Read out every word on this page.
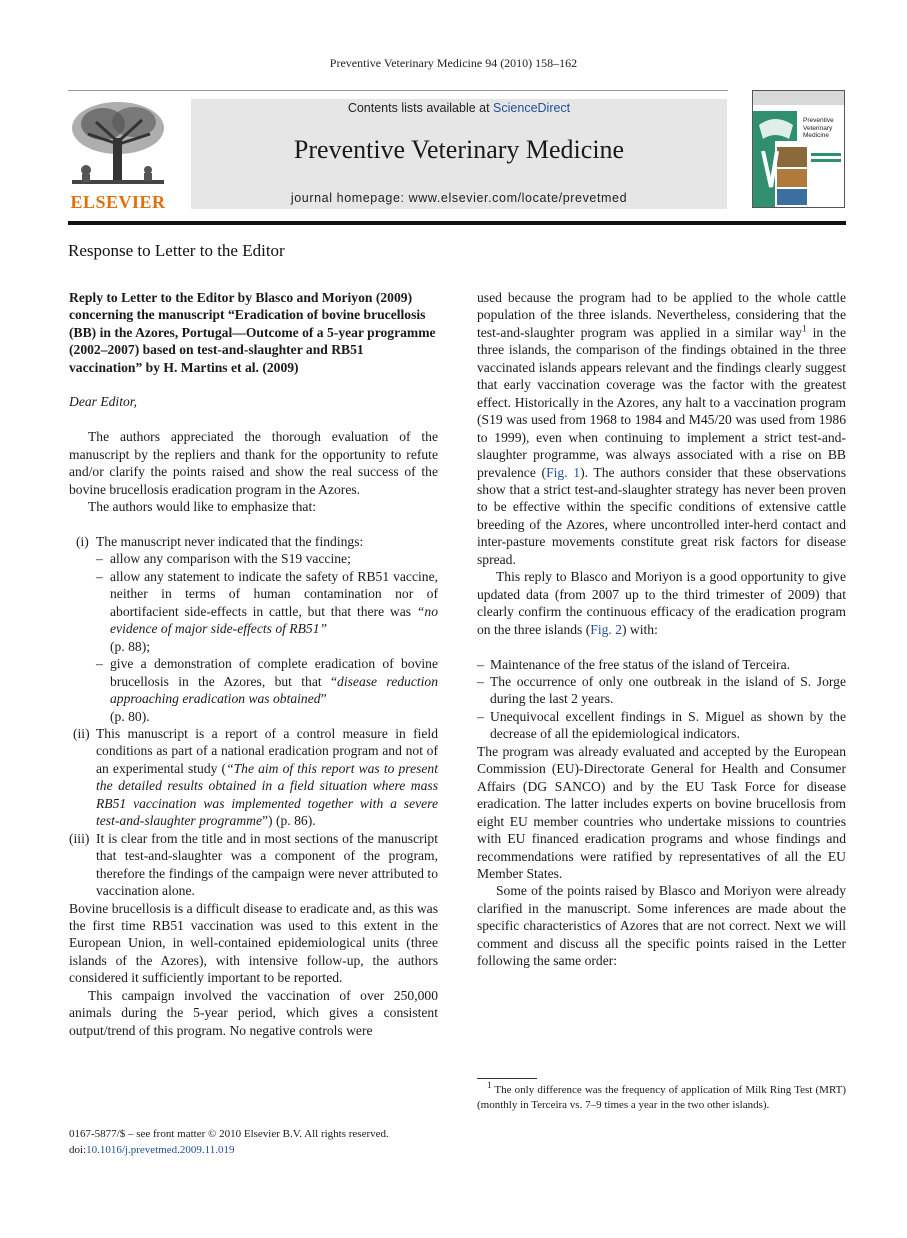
Preventive Veterinary Medicine 94 (2010) 158–162
ELSEVIER
Contents lists available at ScienceDirect
Preventive Veterinary Medicine
journal homepage: www.elsevier.com/locate/prevetmed
Preventive
Veterinary
Medicine
Response to Letter to the Editor

Reply to Letter to the Editor by Blasco and Moriyon (2009) concerning the manuscript “Eradication of bovine brucellosis (BB) in the Azores, Portugal—Outcome of a 5-year programme (2002–2007) based on test-and-slaughter and RB51 vaccination” by H. Martins et al. (2009)

Dear Editor,

The authors appreciated the thorough evaluation of the manuscript by the repliers and thank for the opportunity to refute and/or clarify the points raised and show the real success of the bovine brucellosis eradication program in the Azores.

The authors would like to emphasize that:

(i) The manuscript never indicated that the findings:
– allow any comparison with the S19 vaccine;
– allow any statement to indicate the safety of RB51 vaccine, neither in terms of human contamination nor of abortifacient side-effects in cattle, but that there was “no evidence of major side-effects of RB51”
(p. 88);
– give a demonstration of complete eradication of bovine brucellosis in the Azores, but that “disease reduction approaching eradication was obtained”
(p. 80).
(ii) This manuscript is a report of a control measure in field conditions as part of a national eradication program and not of an experimental study (“The aim of this report was to present the detailed results obtained in a field situation where mass RB51 vaccination was implemented together with a severe test-and-slaughter programme”) (p. 86).
(iii) It is clear from the title and in most sections of the manuscript that test-and-slaughter was a component of the program, therefore the findings of the campaign were never attributed to vaccination alone.

Bovine brucellosis is a difficult disease to eradicate and, as this was the first time RB51 vaccination was used to this extent in the European Union, in well-contained epidemiological units (three islands of the Azores), with intensive follow-up, the authors considered it sufficiently important to be reported.

This campaign involved the vaccination of over 250,000 animals during the 5-year period, which gives a consistent output/trend of this program. No negative controls were

used because the program had to be applied to the whole cattle population of the three islands. Nevertheless, considering that the test-and-slaughter program was applied in a similar way$^1$ in the three islands, the comparison of the findings obtained in the three vaccinated islands appears relevant and the findings clearly suggest that early vaccination coverage was the factor with the greatest effect. Historically in the Azores, any halt to a vaccination program (S19 was used from 1968 to 1984 and M45/20 was used from 1986 to 1999), even when continuing to implement a strict test-and-slaughter programme, was always associated with a rise on BB prevalence (Fig. 1). The authors consider that these observations show that a strict test-and-slaughter strategy has never been proven to be effective within the specific conditions of extensive cattle breeding of the Azores, where uncontrolled inter-herd contact and inter-pasture movements constitute great risk factors for disease spread.

This reply to Blasco and Moriyon is a good opportunity to give updated data (from 2007 up to the third trimester of 2009) that clearly confirm the continuous efficacy of the eradication program on the three islands (Fig. 2) with:

– Maintenance of the free status of the island of Terceira.
– The occurrence of only one outbreak in the island of S. Jorge during the last 2 years.
– Unequivocal excellent findings in S. Miguel as shown by the decrease of all the epidemiological indicators.

The program was already evaluated and accepted by the European Commission (EU)-Directorate General for Health and Consumer Affairs (DG SANCO) and by the EU Task Force for disease eradication. The latter includes experts on bovine brucellosis from eight EU member countries who undertake missions to countries with EU financed eradication programs and whose findings and recommendations were ratified by representatives of all the EU Member States.

Some of the points raised by Blasco and Moriyon were already clarified in the manuscript. Some inferences are made about the specific characteristics of Azores that are not correct. Next we will comment and discuss all the specific points raised in the Letter following the same order:

$^1$ The only difference was the frequency of application of Milk Ring Test (MRT) (monthly in Terceira vs. 7–9 times a year in the two other islands).
0167-5877/$ – see front matter © 2010 Elsevier B.V. All rights reserved.
doi:10.1016/j.prevetmed.2009.11.019
